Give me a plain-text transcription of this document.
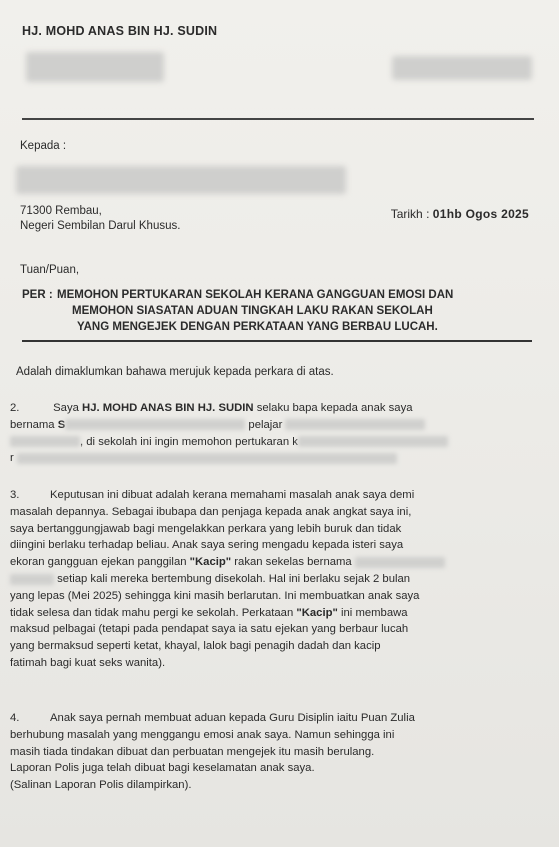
HJ. MOHD ANAS BIN HJ. SUDIN
Kepada :
71300 Rembau,
Negeri Sembilan Darul Khusus.
Tarikh : 01hb Ogos 2025
Tuan/Puan,
PER : MEMOHON PERTUKARAN SEKOLAH KERANA GANGGUAN EMOSI DAN
MEMOHON SIASATAN ADUAN TINGKAH LAKU RAKAN SEKOLAH
YANG MENGEJEK DENGAN PERKATAAN YANG BERBAU LUCAH.
Adalah dimaklumkan bahawa merujuk kepada perkara di atas.
2.	Saya HJ. MOHD ANAS BIN HJ. SUDIN selaku bapa kepada anak saya
bernama S	pelajar
, di sekolah ini ingin memohon pertukaran k
r
3.	Keputusan ini dibuat adalah kerana memahami masalah anak saya demi
masalah depannya. Sebagai ibubapa dan penjaga kepada anak angkat saya ini,
saya bertanggungjawab bagi mengelakkan perkara yang lebih buruk dan tidak
diingini berlaku terhadap beliau. Anak saya sering mengadu kepada isteri saya
ekoran gangguan ejekan panggilan "Kacip" rakan sekelas bernama
setiap kali mereka bertembung disekolah. Hal ini berlaku sejak 2 bulan
yang lepas (Mei 2025) sehingga kini masih berlarutan. Ini membuatkan anak saya
tidak selesa dan tidak mahu pergi ke sekolah. Perkataan "Kacip" ini membawa
maksud pelbagai (tetapi pada pendapat saya ia satu ejekan yang berbaur lucah
yang bermaksud seperti ketat, khayal, lalok bagi penagih dadah dan kacip
fatimah bagi kuat seks wanita).
4.	Anak saya pernah membuat aduan kepada Guru Disiplin iaitu Puan Zulia
berhubung masalah yang menggangu emosi anak saya. Namun sehingga ini
masih tiada tindakan dibuat dan perbuatan mengejek itu masih berulang.
Laporan Polis juga telah dibuat bagi keselamatan anak saya.
(Salinan Laporan Polis dilampirkan).
